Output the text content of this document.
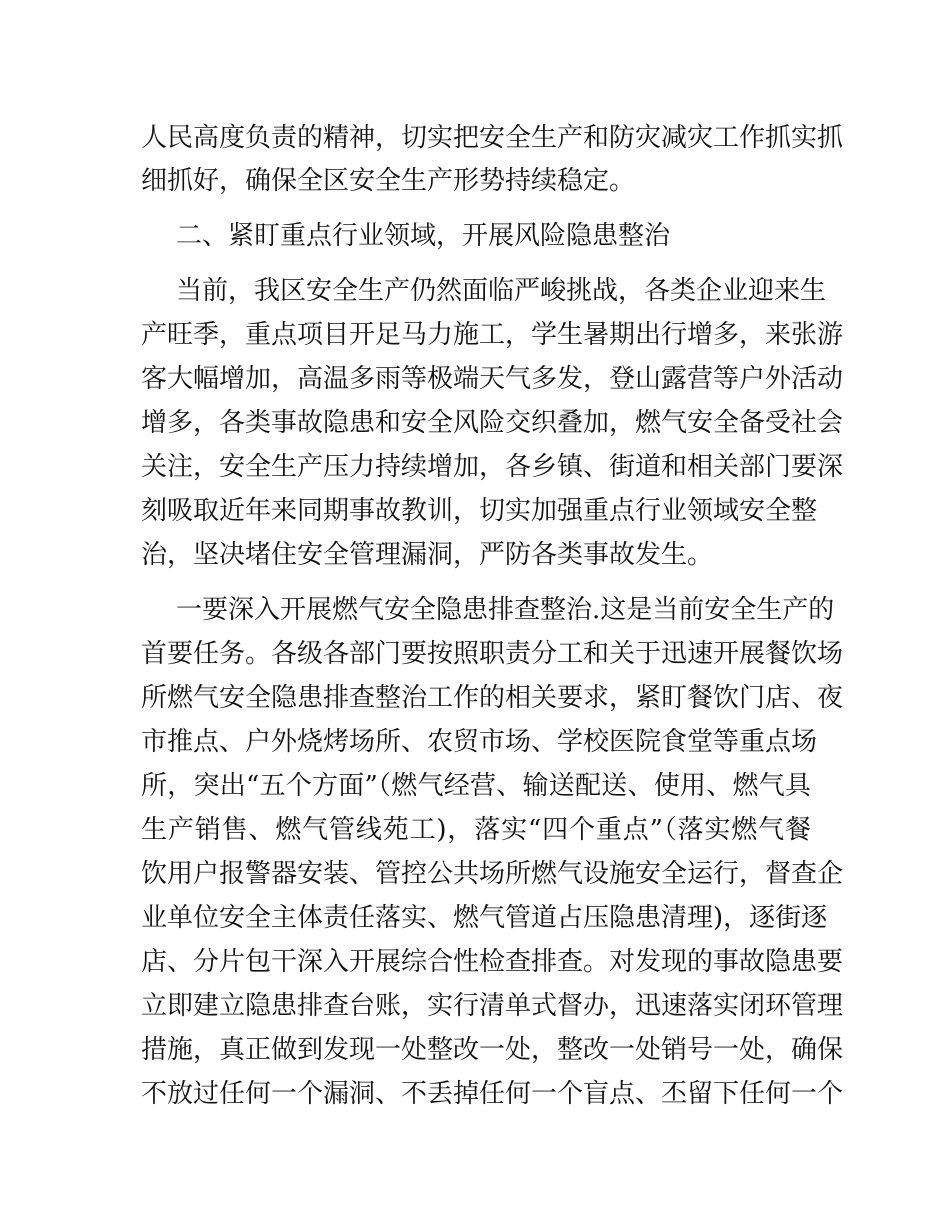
人民高度负责的精神，切实把安全生产和防灾减灾工作抓实抓
细抓好，确保全区安全生产形势持续稳定。
二、紧盯重点行业领域，开展风险隐患整治
当前，我区安全生产仍然面临严峻挑战，各类企业迎来生
产旺季，重点项目开足马力施工，学生暑期出行增多，来张游
客大幅增加，高温多雨等极端天气多发，登山露营等户外活动
增多，各类事故隐患和安全风险交织叠加，燃气安全备受社会
关注，安全生产压力持续增加，各乡镇、街道和相关部门要深
刻吸取近年来同期事故教训，切实加强重点行业领域安全整
治，坚决堵住安全管理漏洞，严防各类事故发生。
一要深入开展燃气安全隐患排查整治.这是当前安全生产的
首要任务。各级各部门要按照职责分工和关于迅速开展餐饮场
所燃气安全隐患排查整治工作的相关要求，紧盯餐饮门店、夜
市推点、户外烧烤场所、农贸市场、学校医院食堂等重点场
所，突出“五个方面”（燃气经营、输送配送、使用、燃气具
生产销售、燃气管线苑工)，落实“四个重点”（落实燃气餐
饮用户报警器安装、管控公共场所燃气设施安全运行，督查企
业单位安全主体责任落实、燃气管道占压隐患清理)，逐街逐
店、分片包干深入开展综合性检查排查。对发现的事故隐患要
立即建立隐患排查台账，实行清单式督办，迅速落实闭环管理
措施，真正做到发现一处整改一处，整改一处销号一处，确保
不放过任何一个漏洞、不丢掉任何一个盲点、丕留下任何一个
